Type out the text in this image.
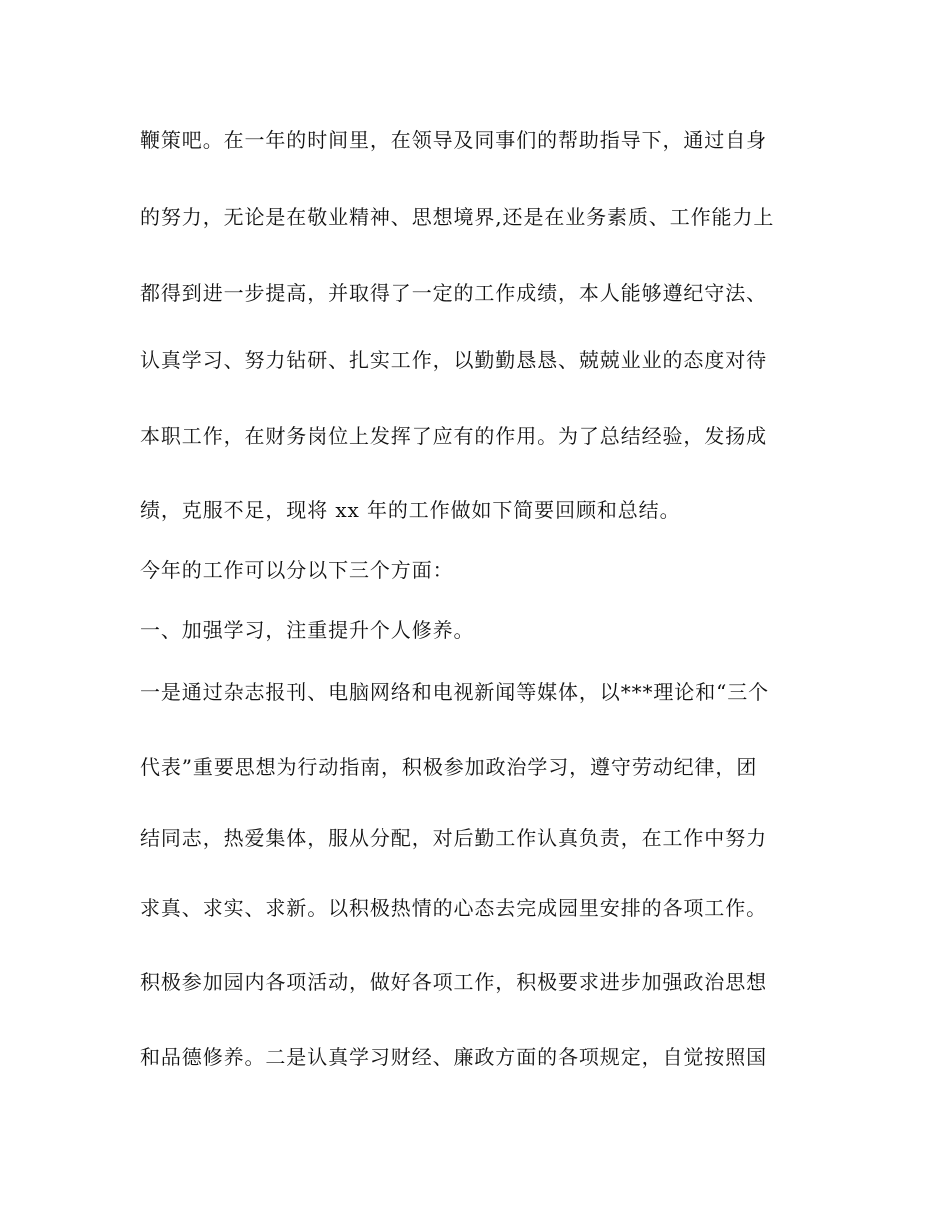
鞭策吧。在一年的时间里，在领导及同事们的帮助指导下，通过自身
的努力，无论是在敬业精神、思想境界,还是在业务素质、工作能力上
都得到进一步提高，并取得了一定的工作成绩，本人能够遵纪守法、
认真学习、努力钻研、扎实工作，以勤勤恳恳、兢兢业业的态度对待
本职工作，在财务岗位上发挥了应有的作用。为了总结经验，发扬成
绩，克服不足，现将 xx 年的工作做如下简要回顾和总结。
今年的工作可以分以下三个方面：
一、加强学习，注重提升个人修养。
一是通过杂志报刊、电脑网络和电视新闻等媒体，以***理论和“三个
代表”重要思想为行动指南，积极参加政治学习，遵守劳动纪律，团
结同志，热爱集体，服从分配，对后勤工作认真负责，在工作中努力
求真、求实、求新。以积极热情的心态去完成园里安排的各项工作。
积极参加园内各项活动，做好各项工作，积极要求进步加强政治思想
和品德修养。二是认真学习财经、廉政方面的各项规定，自觉按照国
